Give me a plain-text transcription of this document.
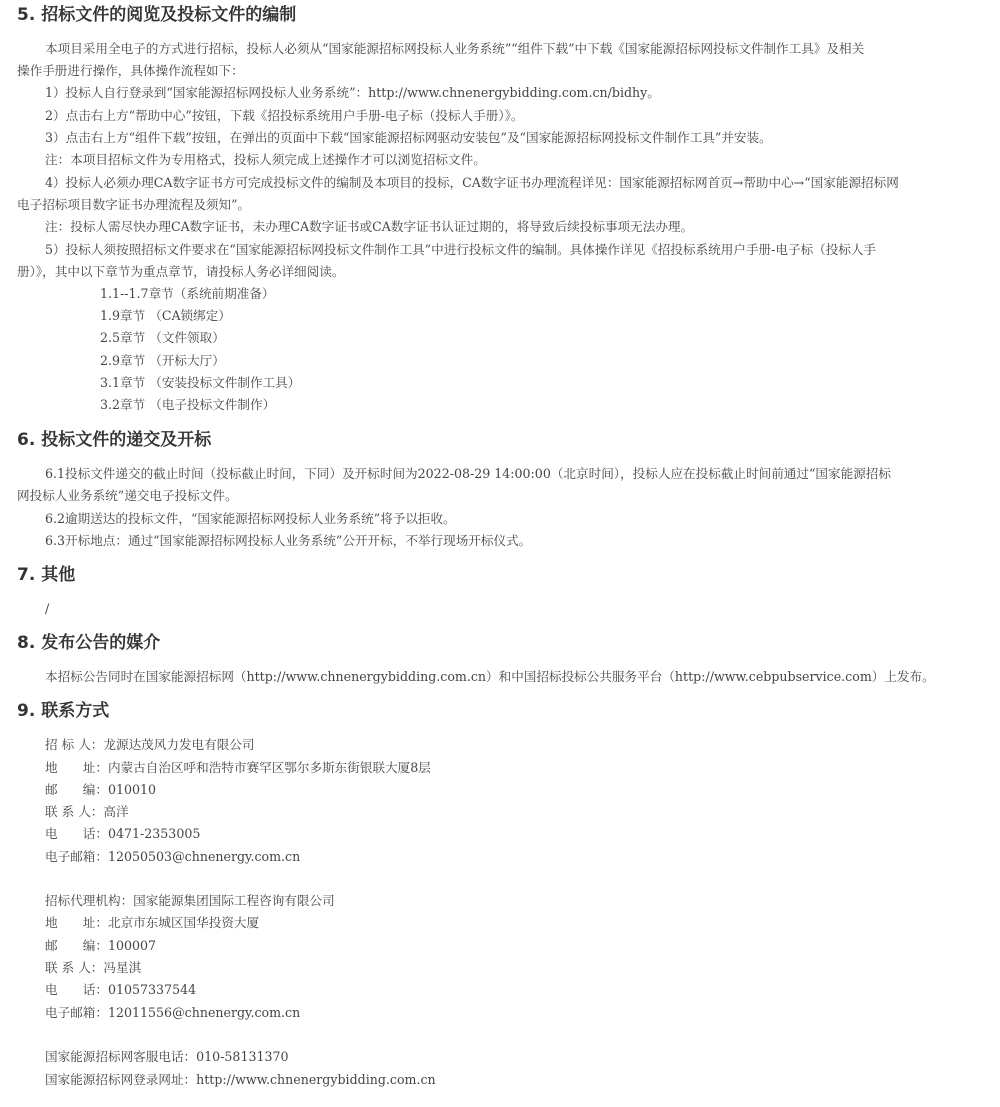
5. 招标文件的阅览及投标文件的编制
本项目采用全电子的方式进行招标，投标人必须从“国家能源招标网投标人业务系统”“组件下载”中下载《国家能源招标网投标文件制作工具》及相关
操作手册进行操作，具体操作流程如下：
1）投标人自行登录到“国家能源招标网投标人业务系统”：http://www.chnenergybidding.com.cn/bidhy。
2）点击右上方“帮助中心”按钮，下载《招投标系统用户手册-电子标（投标人手册）》。
3）点击右上方“组件下载”按钮，在弹出的页面中下载“国家能源招标网驱动安装包”及“国家能源招标网投标文件制作工具”并安装。
注：本项目招标文件为专用格式，投标人须完成上述操作才可以浏览招标文件。
4）投标人必须办理CA数字证书方可完成投标文件的编制及本项目的投标，CA数字证书办理流程详见：国家能源招标网首页→帮助中心→“国家能源招标网
电子招标项目数字证书办理流程及须知”。
注：投标人需尽快办理CA数字证书，未办理CA数字证书或CA数字证书认证过期的，将导致后续投标事项无法办理。
5）投标人须按照招标文件要求在“国家能源招标网投标文件制作工具”中进行投标文件的编制。具体操作详见《招投标系统用户手册-电子标（投标人手
册）》，其中以下章节为重点章节，请投标人务必详细阅读。
1.1--1.7章节（系统前期准备）
1.9章节 （CA锁绑定）
2.5章节 （文件领取）
2.9章节 （开标大厅）
3.1章节 （安装投标文件制作工具）
3.2章节 （电子投标文件制作）
6. 投标文件的递交及开标
6.1投标文件递交的截止时间（投标截止时间，下同）及开标时间为2022-08-29 14:00:00（北京时间），投标人应在投标截止时间前通过“国家能源招标
网投标人业务系统”递交电子投标文件。
6.2逾期送达的投标文件，“国家能源招标网投标人业务系统”将予以拒收。
6.3开标地点：通过“国家能源招标网投标人业务系统”公开开标，不举行现场开标仪式。
7. 其他
/
8. 发布公告的媒介
本招标公告同时在国家能源招标网（http://www.chnenergybidding.com.cn）和中国招标投标公共服务平台（http://www.cebpubservice.com）上发布。
9. 联系方式
招 标 人：龙源达茂风力发电有限公司
地　　址：内蒙古自治区呼和浩特市赛罕区鄂尔多斯东街银联大厦8层
邮　　编：010010
联 系 人：高洋
电　　话：0471-2353005
电子邮箱：12050503@chnenergy.com.cn
招标代理机构：国家能源集团国际工程咨询有限公司
地　　址：北京市东城区国华投资大厦
邮　　编：100007
联 系 人：冯星淇
电　　话：01057337544
电子邮箱：12011556@chnenergy.com.cn
国家能源招标网客服电话：010-58131370
国家能源招标网登录网址：http://www.chnenergybidding.com.cn
